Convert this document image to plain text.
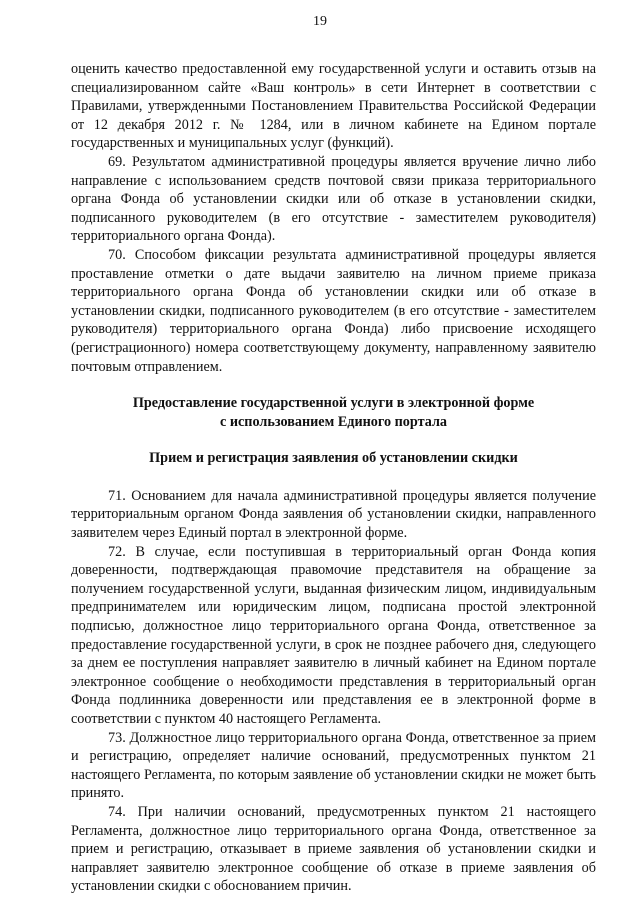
19

оценить качество предоставленной ему государственной услуги и оставить отзыв на специализированном сайте «Ваш контроль» в сети Интернет в соответствии с Правилами, утвержденными Постановлением Правительства Российской Федерации от 12 декабря 2012 г. № 1284, или в личном кабинете на Едином портале государственных и муниципальных услуг (функций).

69. Результатом административной процедуры является вручение лично либо направление с использованием средств почтовой связи приказа территориального органа Фонда об установлении скидки или об отказе в установлении скидки, подписанного руководителем (в его отсутствие - заместителем руководителя) территориального органа Фонда).

70. Способом фиксации результата административной процедуры является проставление отметки о дате выдачи заявителю на личном приеме приказа территориального органа Фонда об установлении скидки или об отказе в установлении скидки, подписанного руководителем (в его отсутствие - заместителем руководителя) территориального органа Фонда) либо присвоение исходящего (регистрационного) номера соответствующему документу, направленному заявителю почтовым отправлением.

Предоставление государственной услуги в электронной форме
с использованием Единого портала
Прием и регистрация заявления об установлении скидки

71. Основанием для начала административной процедуры является получение территориальным органом Фонда заявления об установлении скидки, направленного заявителем через Единый портал в электронной форме.

72. В случае, если поступившая в территориальный орган Фонда копия доверенности, подтверждающая правомочие представителя на обращение за получением государственной услуги, выданная физическим лицом, индивидуальным предпринимателем или юридическим лицом, подписана простой электронной подписью, должностное лицо территориального органа Фонда, ответственное за предоставление государственной услуги, в срок не позднее рабочего дня, следующего за днем ее поступления направляет заявителю в личный кабинет на Едином портале электронное сообщение о необходимости представления в территориальный орган Фонда подлинника доверенности или представления ее в электронной форме в соответствии с пунктом 40 настоящего Регламента.

73. Должностное лицо территориального органа Фонда, ответственное за прием и регистрацию, определяет наличие оснований, предусмотренных пунктом 21 настоящего Регламента, по которым заявление об установлении скидки не может быть принято.

74. При наличии оснований, предусмотренных пунктом 21 настоящего Регламента, должностное лицо территориального органа Фонда, ответственное за прием и регистрацию, отказывает в приеме заявления об установлении скидки и направляет заявителю электронное сообщение об отказе в приеме заявления об установлении скидки с обоснованием причин.
